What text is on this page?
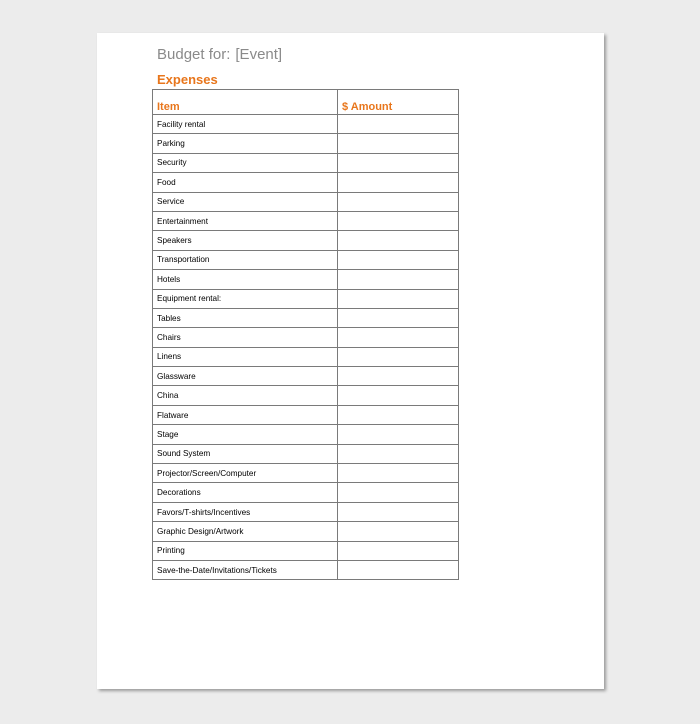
Budget for: [Event]
Expenses
Item	$ Amount
Facility rental	
Parking	
Security	
Food	
Service	
Entertainment	
Speakers	
Transportation	
Hotels	
Equipment rental:	
Tables	
Chairs	
Linens	
Glassware	
China	
Flatware	
Stage	
Sound System	
Projector/Screen/Computer	
Decorations	
Favors/T-shirts/Incentives	
Graphic Design/Artwork	
Printing	
Save-the-Date/Invitations/Tickets	
